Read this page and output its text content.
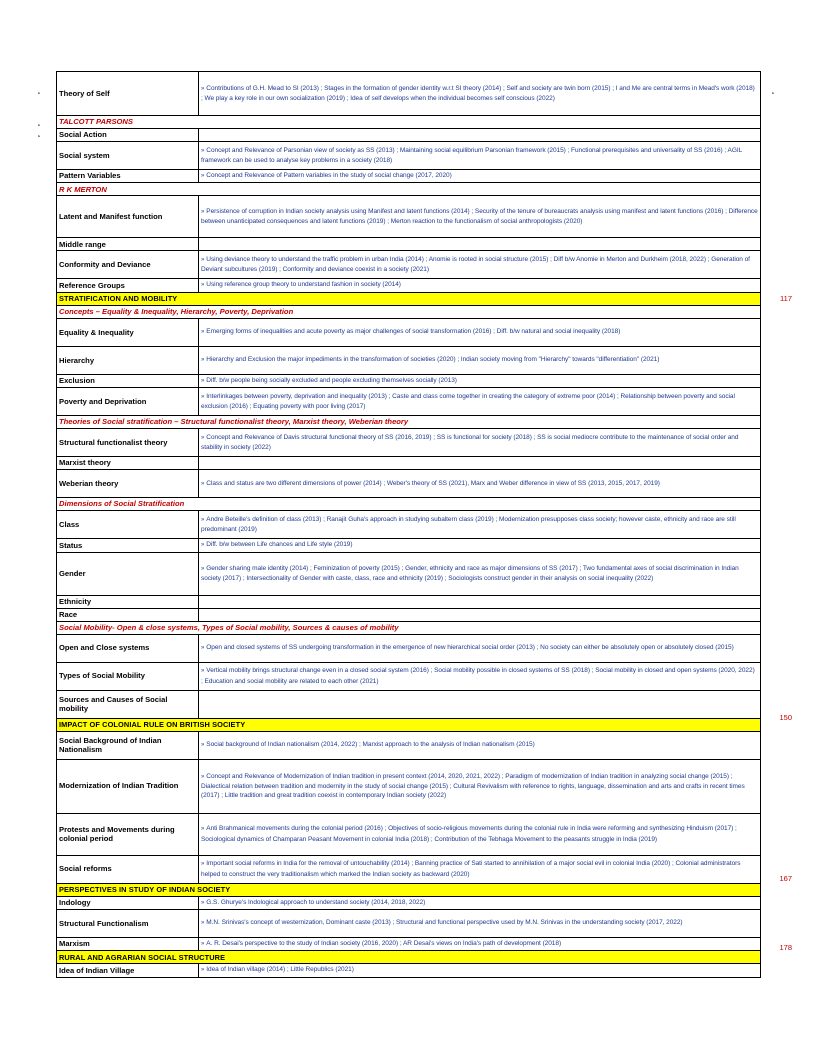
˛
˛
˛
˛
117
150
167
178
Theory of Self	» Contributions of G.H. Mead to SI (2013) ; Stages in the formation of gender identity w.r.t SI theory (2014) ; Self and society are twin born (2015) ; I and Me are central terms in Mead's work (2018) ; We play a key role in our own socialization (2019) ; Idea of self develops when the individual becomes self conscious (2022)
TALCOTT PARSONS	
Social Action	
Social system	» Concept and Relevance of Parsonian view of society as SS (2013) ; Maintaining social equilibrium Parsonian framework (2015) ; Functional prerequisites and universality of SS (2016) ; AGIL framework can be used to analyse key problems in a society (2018)
Pattern Variables	» Concept and Relevance of Pattern variables in the study of social change (2017, 2020)
R K MERTON	
Latent and Manifest function	» Persistence of corruption in Indian society analysis using Manifest and latent functions (2014) ; Security of the tenure of bureaucrats analysis using manifest and latent functions (2016) ; Difference between unanticipated consequences and latent functions (2019) ; Merton reaction to the functionalism of social anthropologists (2020)
Middle range	
Conformity and Deviance	» Using deviance theory to understand the traffic problem in urban India (2014) ; Anomie is rooted in social structure (2015) ; Diff b/w Anomie in Merton and Durkheim (2018, 2022) ; Generation of Deviant subcultures (2019) ; Conformity and deviance coexist in a society (2021)
Reference Groups	» Using reference group theory to understand fashion in society (2014)
STRATIFICATION AND MOBILITY	
Concepts – Equality & Inequality, Hierarchy, Poverty, Deprivation	
Equality & Inequality	» Emerging forms of inequalities and acute poverty as major challenges of social transformation (2016) ; Diff. b/w natural and social inequality (2018)
Hierarchy	» Hierarchy and Exclusion the major impediments in the transformation of societies (2020) ; Indian society moving from "Hierarchy" towards "differentiation" (2021)
Exclusion	» Diff. b/w people being socially excluded and people excluding themselves socially (2013)
Poverty and Deprivation	» Interlinkages between poverty, deprivation and inequality (2013) ; Caste and class come together in creating the category of extreme poor (2014) ; Relationship between poverty and social exclusion (2016) ; Equating poverty with poor living (2017)
Theories of Social stratification – Structural functionalist theory, Marxist theory, Weberian theory	
Structural functionalist theory	» Concept and Relevance of Davis structural functional theory of SS (2016, 2019) ; SS is functional for society (2018) ; SS is social mediocre contribute to the maintenance of social order and stability in society (2022)
Marxist theory	
Weberian theory	» Class and status are two different dimensions of power (2014) ; Weber's theory of SS (2021), Marx and Weber difference in view of SS (2013, 2015, 2017, 2019)
Dimensions of Social Stratification	
Class	» Andre Beteille's definition of class (2013) ; Ranajit Guha's approach in studying subaltern class (2019) ; Modernization presupposes class society; however caste, ethnicity and race are still predominant (2019)
Status	» Diff. b/w between Life chances and Life style (2019)
Gender	» Gender sharing male identity (2014) ; Feminization of poverty (2015) ; Gender, ethnicity and race as major dimensions of SS (2017) ; Two fundamental axes of social discrimination in Indian society (2017) ; Intersectionality of Gender with caste, class, race and ethnicity (2019) ; Sociologists construct gender in their analysis on social inequality (2022)
Ethnicity	
Race	
Social Mobility- Open & close systems, Types of Social mobility, Sources & causes of mobility	
Open and Close systems	» Open and closed systems of SS undergoing transformation in the emergence of new hierarchical social order (2013) ; No society can either be absolutely open or absolutely closed (2015)
Types of Social Mobility	» Vertical mobility brings structural change even in a closed social system (2016) ; Social mobility possible in closed systems of SS (2018) ; Social mobility in closed and open systems (2020, 2022) ; Education and social mobility are related to each other (2021)
Sources and Causes of Social mobility	
IMPACT OF COLONIAL RULE ON BRITISH SOCIETY	
Social Background of Indian Nationalism	» Social background of Indian nationalism (2014, 2022) ; Marxist approach to the analysis of Indian nationalism (2015)
Modernization of Indian Tradition	» Concept and Relevance of Modernization of Indian tradition in present context (2014, 2020, 2021, 2022) ; Paradigm of modernization of Indian tradition in analyzing social change (2015) ; Dialectical relation between tradition and modernity in the study of social change (2015) ; Cultural Revivalism with reference to rights, language, dissemination and arts and crafts in recent times (2017) ; Little tradition and great tradition coexist in contemporary Indian society (2022)
Protests and Movements during colonial period	» Anti Brahmanical movements during the colonial period (2016) ; Objectives of socio-religious movements during the colonial rule in India were reforming and synthesizing Hinduism (2017) ; Sociological dynamics of Champaran Peasant Movement in colonial India (2018) ; Contribution of the Tebhaga Movement to the peasants struggle in India (2019)
Social reforms	» Important social reforms in India for the removal of untouchability (2014) ; Banning practice of Sati started to annihilation of a major social evil in colonial India (2020) ; Colonial administrators helped to construct the very traditionalism which marked the Indian society as backward (2020)
PERSPECTIVES IN STUDY OF INDIAN SOCIETY	
Indology	» G.S. Ghurye's Indological approach to understand society (2014, 2018, 2022)
Structural Functionalism	» M.N. Srinivas's concept of westernization, Dominant caste (2013) ; Structural and functional perspective used by M.N. Srinivas in the understanding society (2017, 2022)
Marxism	» A. R. Desai's perspective to the study of Indian society (2016, 2020) ; AR Desai's views on India's path of development (2018)
RURAL AND AGRARIAN SOCIAL STRUCTURE	
Idea of Indian Village	» Idea of Indian village (2014) ; Little Republics (2021)
